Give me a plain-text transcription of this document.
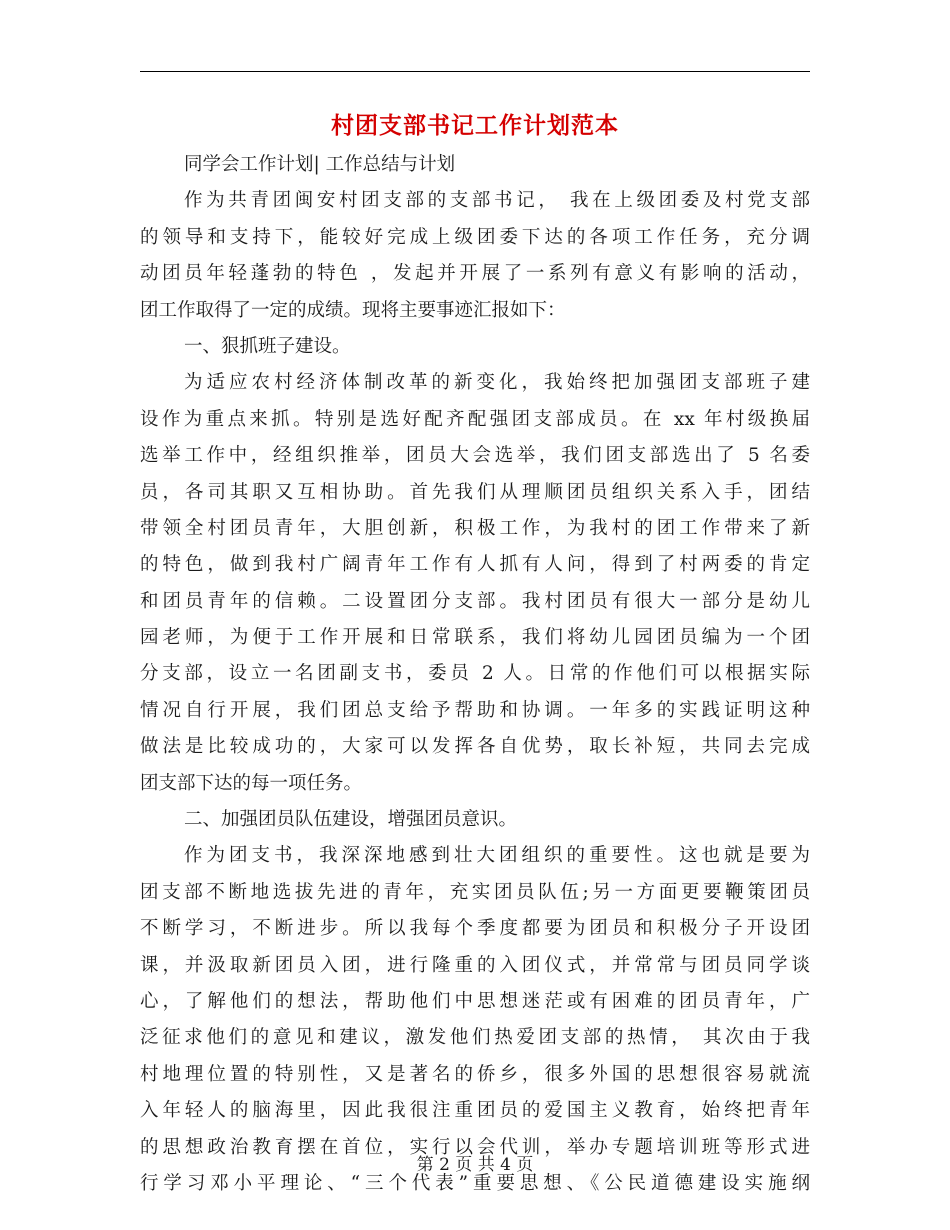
村团支部书记工作计划范本
同学会工作计划| 工作总结与计划
作为共青团闽安村团支部的支部书记， 我在上级团委及村党支部
的领导和支持下，能较好完成上级团委下达的各项工作任务，充分调
动团员年轻蓬勃的特色 ，发起并开展了一系列有意义有影响的活动，
团工作取得了一定的成绩。现将主要事迹汇报如下：
一、狠抓班子建设。
为适应农村经济体制改革的新变化，我始终把加强团支部班子建
设作为重点来抓。特别是选好配齐配强团支部成员。在 xx 年村级换届
选举工作中，经组织推举，团员大会选举，我们团支部选出了 5 名委
员，各司其职又互相协助。首先我们从理顺团员组织关系入手，团结
带领全村团员青年，大胆创新，积极工作，为我村的团工作带来了新
的特色，做到我村广阔青年工作有人抓有人问，得到了村两委的肯定
和团员青年的信赖。二设置团分支部。我村团员有很大一部分是幼儿
园老师，为便于工作开展和日常联系，我们将幼儿园团员编为一个团
分支部，设立一名团副支书，委员 2 人。日常的作他们可以根据实际
情况自行开展，我们团总支给予帮助和协调。一年多的实践证明这种
做法是比较成功的，大家可以发挥各自优势，取长补短，共同去完成
团支部下达的每一项任务。
二、加强团员队伍建设，增强团员意识。
作为团支书，我深深地感到壮大团组织的重要性。这也就是要为
团支部不断地选拔先进的青年，充实团员队伍;另一方面更要鞭策团员
不断学习，不断进步。所以我每个季度都要为团员和积极分子开设团
课，并汲取新团员入团，进行隆重的入团仪式，并常常与团员同学谈
心，了解他们的想法，帮助他们中思想迷茫或有困难的团员青年，广
泛征求他们的意见和建议，激发他们热爱团支部的热情， 其次由于我
村地理位置的特别性，又是著名的侨乡，很多外国的思想很容易就流
入年轻人的脑海里，因此我很注重团员的爱国主义教育，始终把青年
的思想政治教育摆在首位，实行以会代训，举办专题培训班等形式进
行学习邓小平理论、“三个代表”重要思想、《公民道德建设实施纲
第 2 页 共 4 页
